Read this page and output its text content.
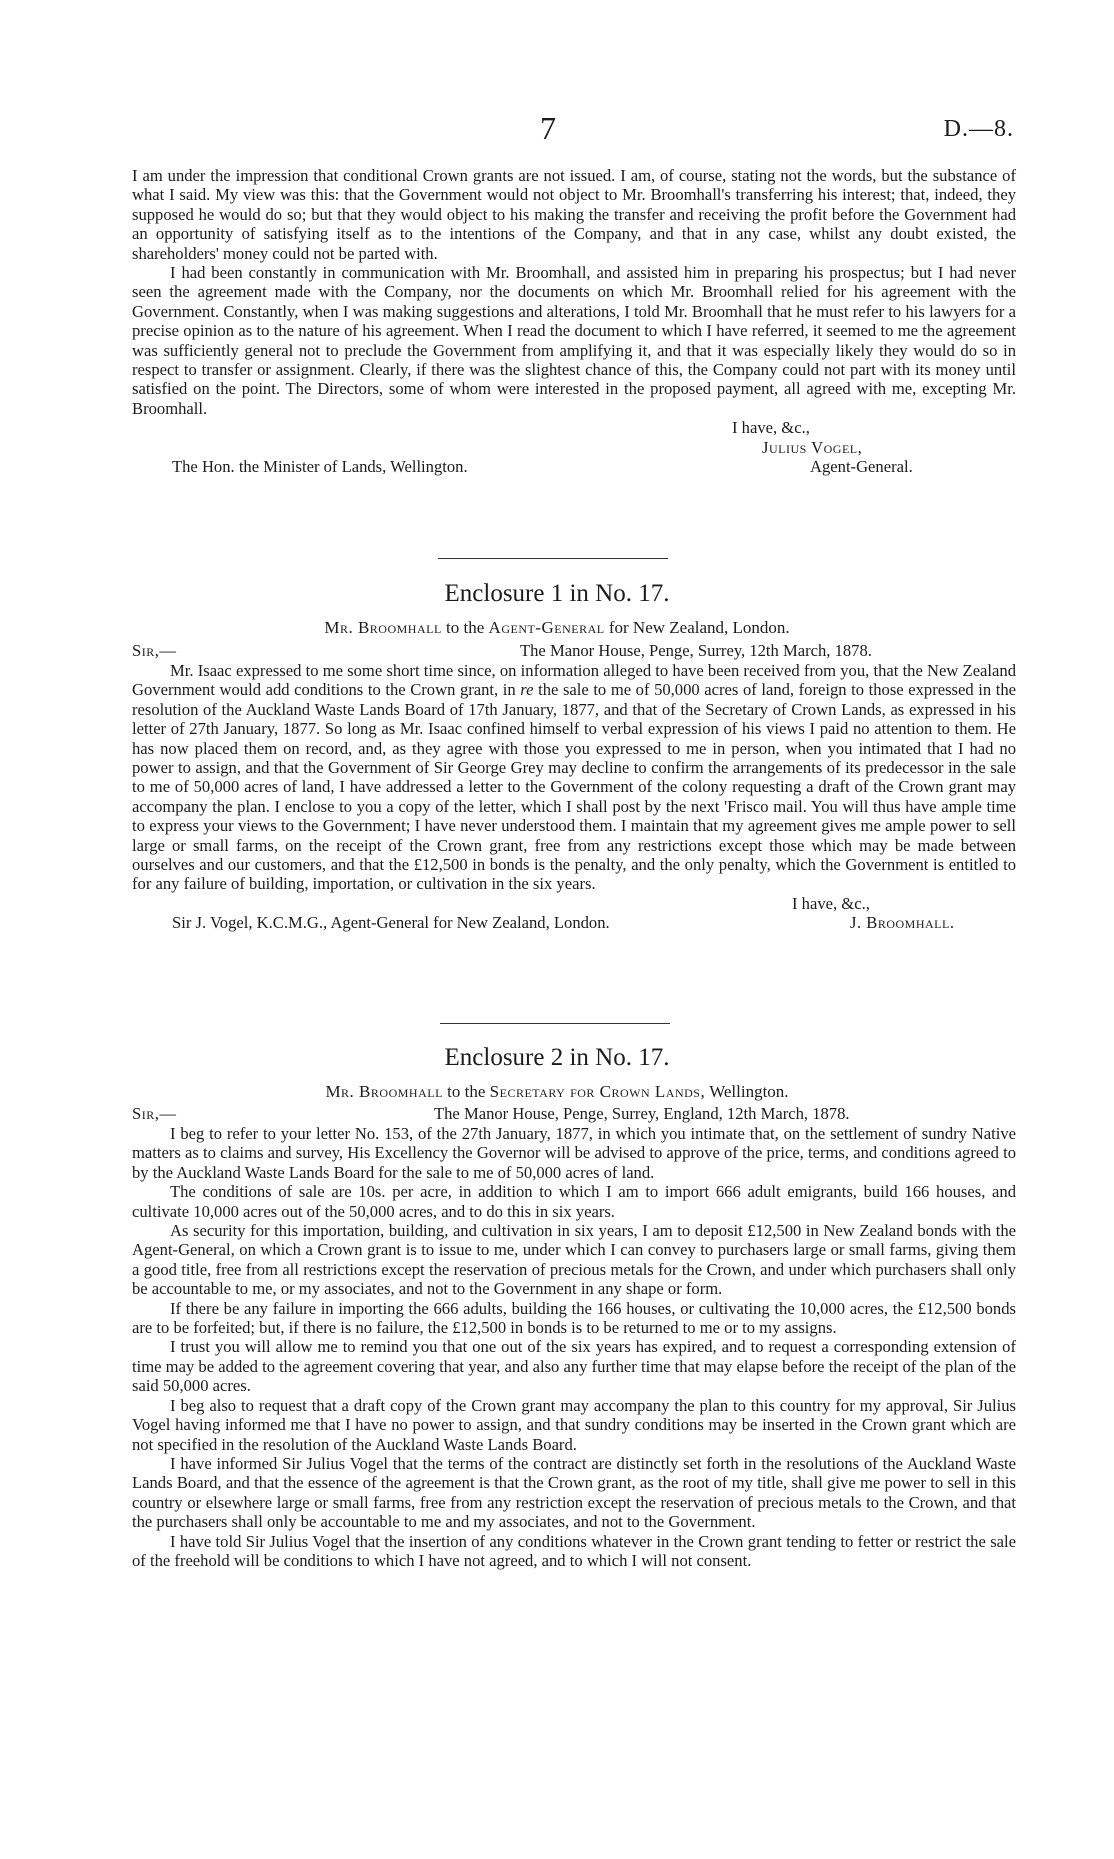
7	D.—8.

I am under the impression that conditional Crown grants are not issued. I am, of course, stating not the words, but the substance of what I said. My view was this: that the Government would not object to Mr. Broomhall's transferring his interest; that, indeed, they supposed he would do so; but that they would object to his making the transfer and receiving the profit before the Government had an opportunity of satisfying itself as to the intentions of the Company, and that in any case, whilst any doubt existed, the shareholders' money could not be parted with.

I had been constantly in communication with Mr. Broomhall, and assisted him in preparing his prospectus; but I had never seen the agreement made with the Company, nor the documents on which Mr. Broomhall relied for his agreement with the Government. Constantly, when I was making suggestions and alterations, I told Mr. Broomhall that he must refer to his lawyers for a precise opinion as to the nature of his agreement. When I read the document to which I have referred, it seemed to me the agreement was sufficiently general not to preclude the Government from amplifying it, and that it was especially likely they would do so in respect to transfer or assignment. Clearly, if there was the slightest chance of this, the Company could not part with its money until satisfied on the point. The Directors, some of whom were interested in the proposed payment, all agreed with me, excepting Mr. Broomhall.

I have, &c.,
Julius Vogel,
The Hon. the Minister of Lands, Wellington.	Agent-General.
Enclosure 1 in No. 17.
Mr. Broomhall to the Agent-General for New Zealand, London.
Sir,—	The Manor House, Penge, Surrey, 12th March, 1878.

Mr. Isaac expressed to me some short time since, on information alleged to have been received from you, that the New Zealand Government would add conditions to the Crown grant, in re the sale to me of 50,000 acres of land, foreign to those expressed in the resolution of the Auckland Waste Lands Board of 17th January, 1877, and that of the Secretary of Crown Lands, as expressed in his letter of 27th January, 1877. So long as Mr. Isaac confined himself to verbal expression of his views I paid no attention to them. He has now placed them on record, and, as they agree with those you expressed to me in person, when you intimated that I had no power to assign, and that the Government of Sir George Grey may decline to confirm the arrangements of its predecessor in the sale to me of 50,000 acres of land, I have addressed a letter to the Government of the colony requesting a draft of the Crown grant may accompany the plan. I enclose to you a copy of the letter, which I shall post by the next 'Frisco mail. You will thus have ample time to express your views to the Government; I have never understood them. I maintain that my agreement gives me ample power to sell large or small farms, on the receipt of the Crown grant, free from any restrictions except those which may be made between ourselves and our customers, and that the £12,500 in bonds is the penalty, and the only penalty, which the Government is entitled to for any failure of building, importation, or cultivation in the six years.

I have, &c.,
Sir J. Vogel, K.C.M.G., Agent-General for New Zealand, London.	J. Broomhall.
Enclosure 2 in No. 17.
Mr. Broomhall to the Secretary for Crown Lands, Wellington.
Sir,—	The Manor House, Penge, Surrey, England, 12th March, 1878.

I beg to refer to your letter No. 153, of the 27th January, 1877, in which you intimate that, on the settlement of sundry Native matters as to claims and survey, His Excellency the Governor will be advised to approve of the price, terms, and conditions agreed to by the Auckland Waste Lands Board for the sale to me of 50,000 acres of land.

The conditions of sale are 10s. per acre, in addition to which I am to import 666 adult emigrants, build 166 houses, and cultivate 10,000 acres out of the 50,000 acres, and to do this in six years.

As security for this importation, building, and cultivation in six years, I am to deposit £12,500 in New Zealand bonds with the Agent-General, on which a Crown grant is to issue to me, under which I can convey to purchasers large or small farms, giving them a good title, free from all restrictions except the reservation of precious metals for the Crown, and under which purchasers shall only be accountable to me, or my associates, and not to the Government in any shape or form.

If there be any failure in importing the 666 adults, building the 166 houses, or cultivating the 10,000 acres, the £12,500 bonds are to be forfeited; but, if there is no failure, the £12,500 in bonds is to be returned to me or to my assigns.

I trust you will allow me to remind you that one out of the six years has expired, and to request a corresponding extension of time may be added to the agreement covering that year, and also any further time that may elapse before the receipt of the plan of the said 50,000 acres.

I beg also to request that a draft copy of the Crown grant may accompany the plan to this country for my approval, Sir Julius Vogel having informed me that I have no power to assign, and that sundry conditions may be inserted in the Crown grant which are not specified in the resolution of the Auckland Waste Lands Board.

I have informed Sir Julius Vogel that the terms of the contract are distinctly set forth in the resolutions of the Auckland Waste Lands Board, and that the essence of the agreement is that the Crown grant, as the root of my title, shall give me power to sell in this country or elsewhere large or small farms, free from any restriction except the reservation of precious metals to the Crown, and that the purchasers shall only be accountable to me and my associates, and not to the Government.

I have told Sir Julius Vogel that the insertion of any conditions whatever in the Crown grant tending to fetter or restrict the sale of the freehold will be conditions to which I have not agreed, and to which I will not consent.
